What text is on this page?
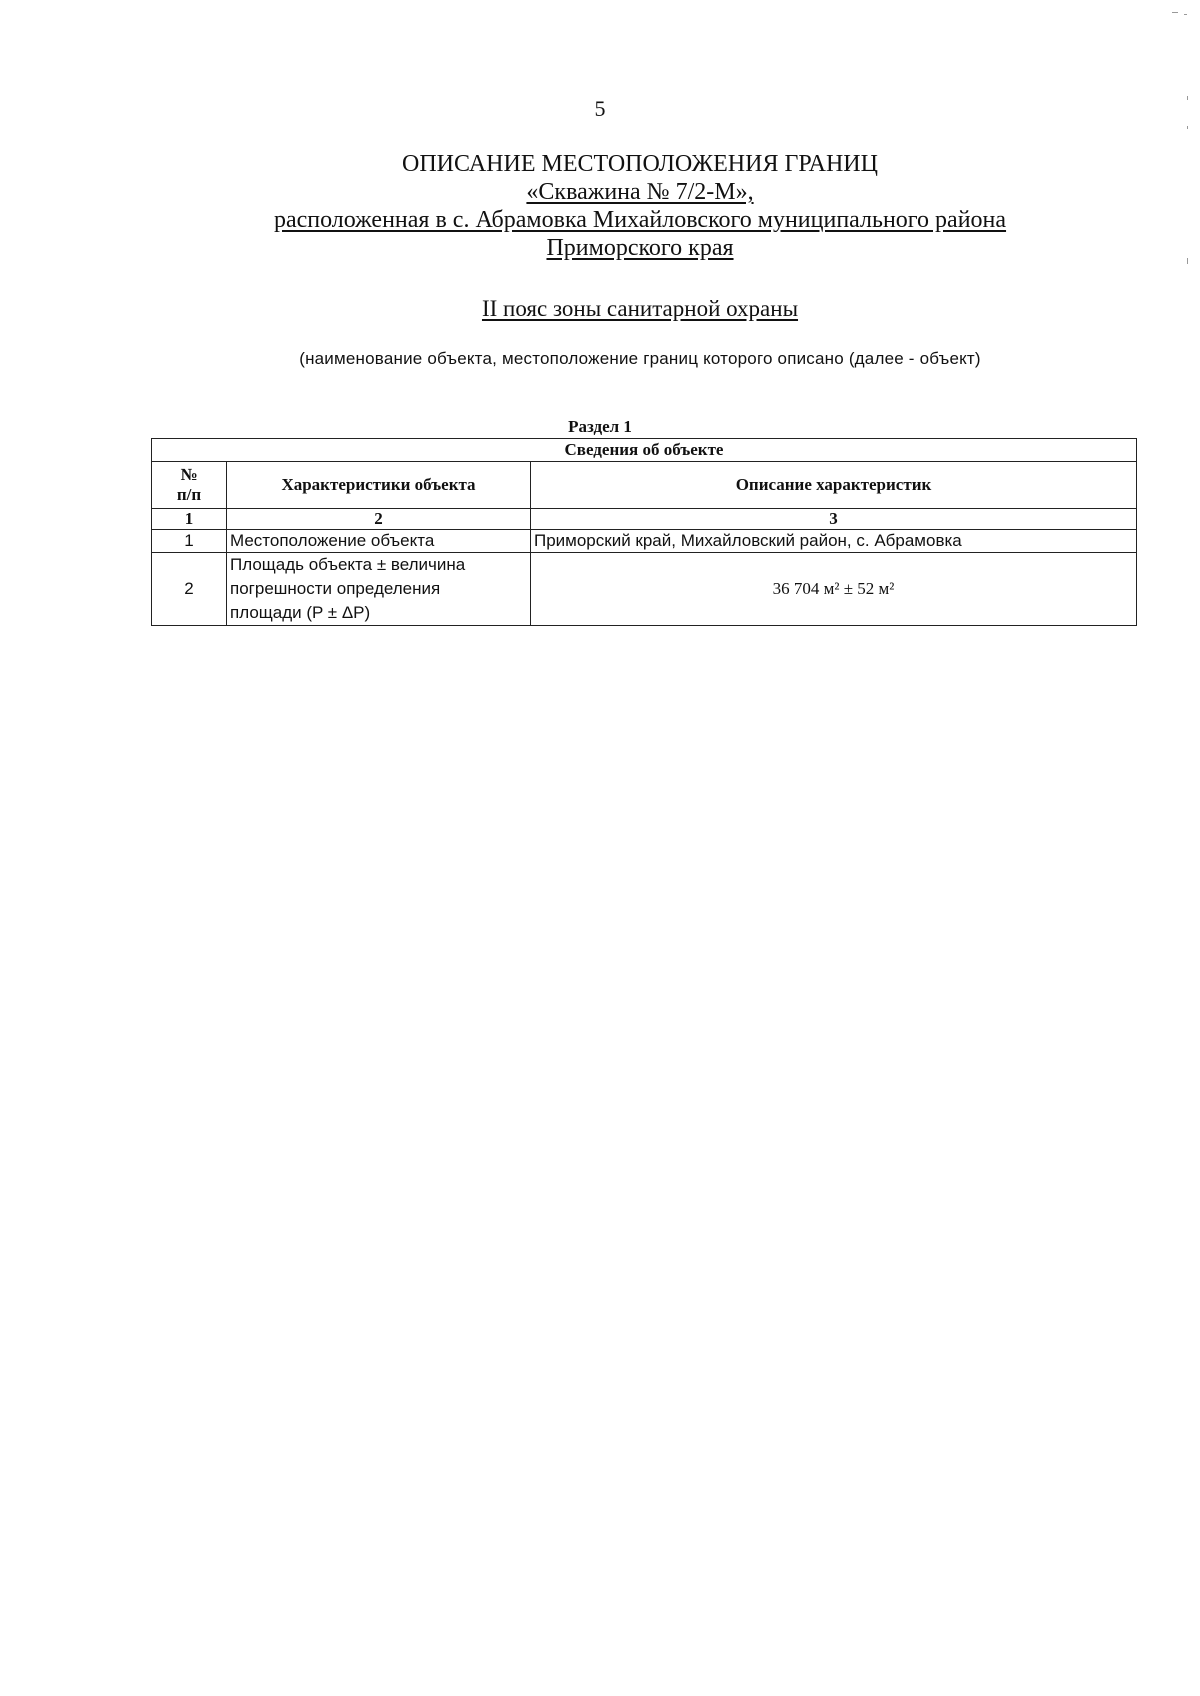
5
ОПИСАНИЕ МЕСТОПОЛОЖЕНИЯ ГРАНИЦ
«Скважина № 7/2-М»,
расположенная в с. Абрамовка Михайловского муниципального района
Приморского края
II пояс зоны санитарной охраны
(наименование объекта, местоположение границ которого описано (далее - объект)
Раздел 1
Сведения об объекте		
№
п/п	Характеристики объекта	Описание характеристик
1	2	3
1	Местоположение объекта	Приморский край, Михайловский район, с. Абрамовка
2	Площадь объекта ± величина
погрешности определения
площади (P ± ΔP)	36 704 м² ± 52 м²
